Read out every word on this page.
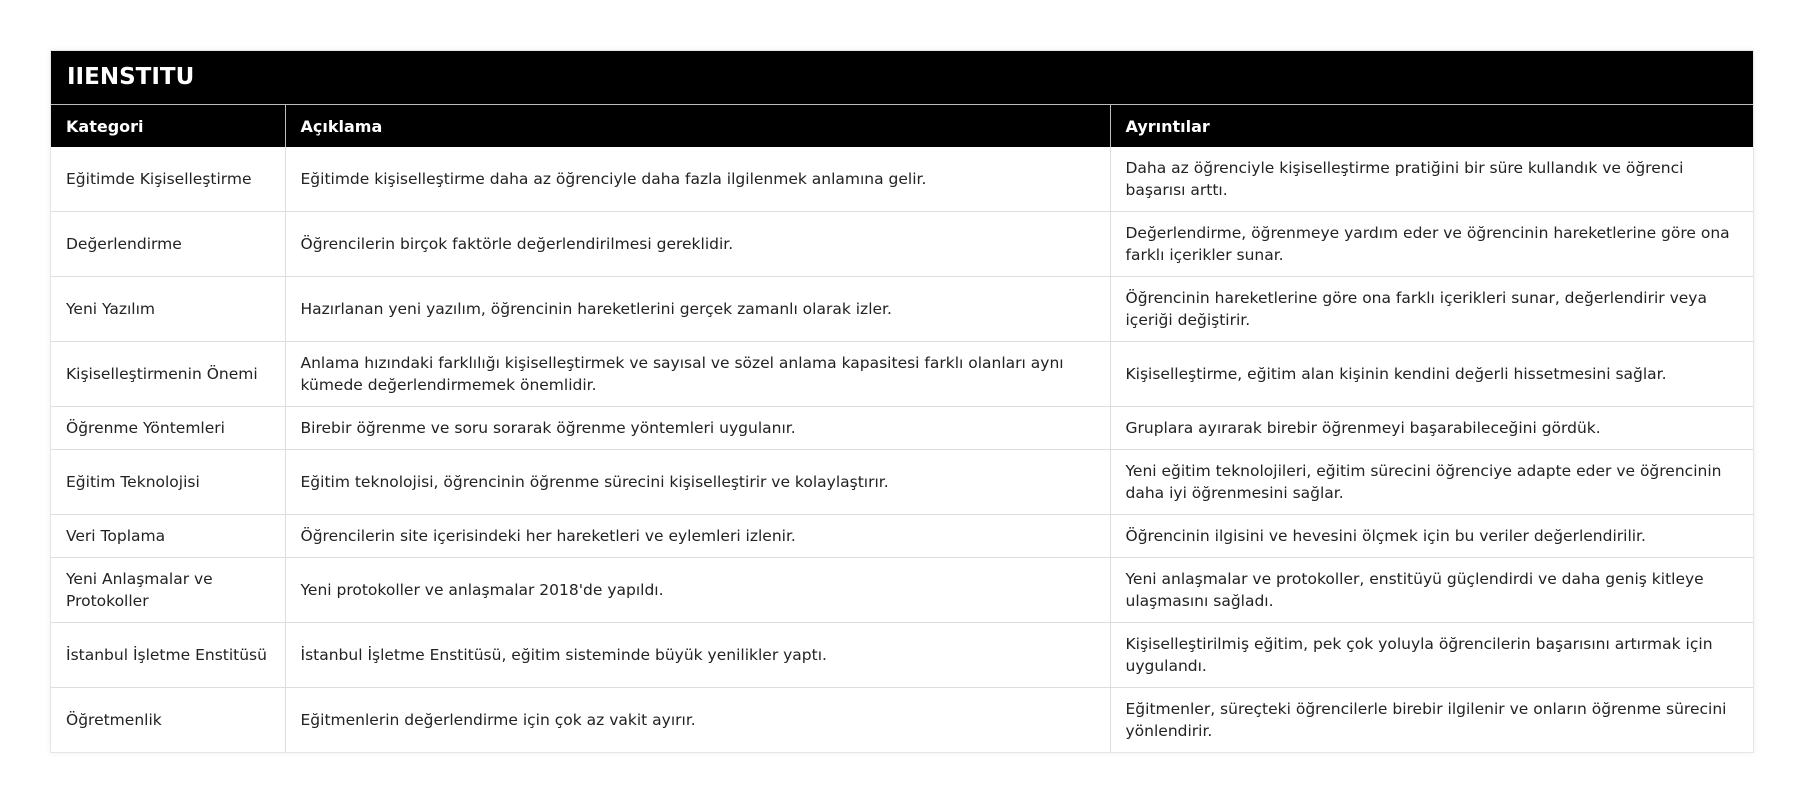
IIENSTITU
Kategori	Açıklama	Ayrıntılar
Eğitimde Kişiselleştirme	Eğitimde kişiselleştirme daha az öğrenciyle daha fazla ilgilenmek anlamına gelir.	Daha az öğrenciyle kişiselleştirme pratiğini bir süre kullandık ve öğrenci başarısı arttı.
Değerlendirme	Öğrencilerin birçok faktörle değerlendirilmesi gereklidir.	Değerlendirme, öğrenmeye yardım eder ve öğrencinin hareketlerine göre ona farklı içerikler sunar.
Yeni Yazılım	Hazırlanan yeni yazılım, öğrencinin hareketlerini gerçek zamanlı olarak izler.	Öğrencinin hareketlerine göre ona farklı içerikleri sunar, değerlendirir veya içeriği değiştirir.
Kişiselleştirmenin Önemi	Anlama hızındaki farklılığı kişiselleştirmek ve sayısal ve sözel anlama kapasitesi farklı olanları aynı kümede değerlendirmemek önemlidir.	Kişiselleştirme, eğitim alan kişinin kendini değerli hissetmesini sağlar.
Öğrenme Yöntemleri	Birebir öğrenme ve soru sorarak öğrenme yöntemleri uygulanır.	Gruplara ayırarak birebir öğrenmeyi başarabileceğini gördük.
Eğitim Teknolojisi	Eğitim teknolojisi, öğrencinin öğrenme sürecini kişiselleştirir ve kolaylaştırır.	Yeni eğitim teknolojileri, eğitim sürecini öğrenciye adapte eder ve öğrencinin daha iyi öğrenmesini sağlar.
Veri Toplama	Öğrencilerin site içerisindeki her hareketleri ve eylemleri izlenir.	Öğrencinin ilgisini ve hevesini ölçmek için bu veriler değerlendirilir.
Yeni Anlaşmalar ve Protokoller	Yeni protokoller ve anlaşmalar 2018'de yapıldı.	Yeni anlaşmalar ve protokoller, enstitüyü güçlendirdi ve daha geniş kitleye ulaşmasını sağladı.
İstanbul İşletme Enstitüsü	İstanbul İşletme Enstitüsü, eğitim sisteminde büyük yenilikler yaptı.	Kişiselleştirilmiş eğitim, pek çok yoluyla öğrencilerin başarısını artırmak için uygulandı.
Öğretmenlik	Eğitmenlerin değerlendirme için çok az vakit ayırır.	Eğitmenler, süreçteki öğrencilerle birebir ilgilenir ve onların öğrenme sürecini yönlendirir.
